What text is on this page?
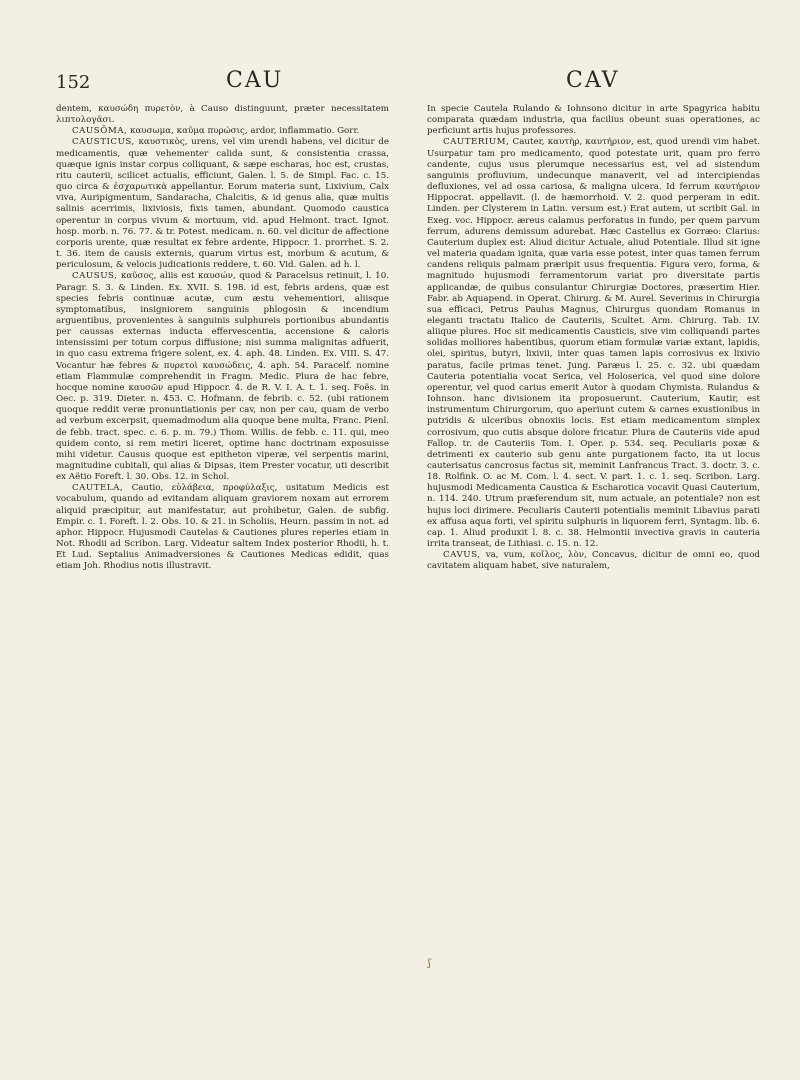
152	CAU	CAV

dentem, καυσώδη πυρετὸν, à Causo distinguunt, præter necessitatem λιπτολογᾶσι.

CAUSŌMA, καυσωμα, καῦμα πυρώσις, ardor, inflammatio. Gorr.

CAUSTICUS, καυστικὸς, urens, vel vim urendi habens, vel dicitur de medicamentis, quæ vehementer calida sunt, & consistentia crassa, quæque ignis instar corpus colliquant, & sæpe escharas, hoc est, crustas, ritu cauterii, scilicet actualis, efficiunt, Galen. l. 5. de Simpl. Fac. c. 15. quo circa & ἐσχαρωτικὰ appellantur. Eorum materia sunt, Lixivium, Calx viva, Auripigmentum, Sandaracha, Chalcitis, & id genus alia, quæ multis salinis acerrimis, lixiviosis, fixis tamen, abundant. Quomodo caustica operentur in corpus vivum & mortuum, vid. apud Helmont. tract. Ignot. hosp. morb. n. 76. 77. & tr. Potest. medicam. n. 60. vel dicitur de affectione corporis urente, quæ resultat ex febre ardente, Hippocr. 1. prorrhet. S. 2. t. 36. item de causis externis, quarum virtus est, morbum & acutum, & periculosum, & velocis judicationis reddere, t. 60. Vid. Galen. ad h. l.

CAUSUS, καῦσος, aliis est καυσών, quod & Paracelsus retinuit, l. 10. Paragr. S. 3. & Linden. Ex. XVII. S. 198. id est, febris ardens, quæ est species febris continuæ acutæ, cum æstu vehementiori, aliisque symptomatibus, insigniorem sanguinis phlogosin & incendium arguentibus, provenientes à sanguinis sulphureis portionibus abundantis per caussas externas inducta effervescentia, accensione & caloris intensissimi per totum corpus diffusione; nisi summa malignitas adfuerit, in quo casu extrema frigere solent, ex. 4. aph. 48. Linden. Ex. VIII. S. 47. Vocantur hæ febres & πυρετοὶ καυσώδεις, 4. aph. 54. Paracelf. nomine etiam Flammulæ comprehendit in Fragm. Medic. Plura de hac febre, hocque nomine καυσῶν apud Hippocr. 4. de R. V. I. A. t. 1. seq. Foës. in Oec. p. 319. Dieter. n. 453. C. Hofmann. de febrib. c. 52. (ubi rationem quoque reddit veræ pronuntiationis per cav, non per cau, quam de verbo ad verbum excerpsit, quemadmodum alia quoque bene multa, Franc. Pienl. de febb. tract. spec. c. 6. p. m. 79.) Thom. Willis. de febb. c. 11. qui, meo quidem conto, si rem metiri liceret, optime hanc doctrinam exposuisse mihi videtur. Causus quoque est epitheton viperæ, vel serpentis marini, magnitudine cubitali, qui alias & Dipsas, item Prester vocatur, uti describit ex Aëtio Foreft. l. 30. Obs. 12. in Schol.

CAUTELA, Cautio, εὐλάβεια, προφύλαξις, usitatum Medicis est vocabulum, quando ad evitandam aliquam graviorem noxam aut errorem aliquid præcipitur, aut manifestatur, aut prohibetur, Galen. de subfig. Empir. c. 1. Foreft. l. 2. Obs. 10. & 21. in Scholiis, Heurn. passim in not. ad aphor. Hippocr. Hujusmodi Cautelas & Cautiones plures reperies etiam in Not. Rhodii ad Scribon. Larg. Videatur saltem Index posterior Rhodii, h. t. Et Lud. Septalius Animadversiones & Cautiones Medicas edidit, quas etiam Joh. Rhodius notis illustravit.

In specie Cautela Rulando & Iohnsono dicitur in arte Spagyrica habitu comparata quædam industria, qua facilius obeunt suas operationes, ac perficiunt artis hujus professores.

CAUTERIUM, Cauter, καυτὴρ, καυτήριον, est, quod urendi vim habet. Usurpatur tam pro medicamento, quod potestate urit, quam pro ferro candente, cujus usus plerumque necessarius est, vel ad sistendum sanguinis profluvium, undecunque manaverit, vel ad intercipiendas defluxiones, vel ad ossa cariosa, & maligna ulcera. Id ferrum καυτήριον Hippocrat. appellavit. (l. de hæmorrhoid. V. 2. quod perperam in edit. Linden. per Clysterem in Latin. versum est.) Erat autem, ut scribit Gal. in Exeg. voc. Hippocr. æreus calamus perforatus in fundo, per quem parvum ferrum, adurens demissum adurebat. Hæc Castellus ex Gorræo: Clarius: Cauterium duplex est: Aliud dicitur Actuale, aliud Potentiale. Illud sit igne vel materia quadam ignita, quæ varia esse potest, inter quas tamen ferrum candens reliquis palmam præripit usus frequentia. Figura vero, forma, & magnitudo hujusmodi ferramentorum variat pro diversitate partis applicandæ, de quibus consulantur Chirurgiæ Doctores, præsertim Hier. Fabr. ab Aquapend. in Operat. Chirurg. & M. Aurel. Severinus in Chirurgia sua efficaci, Petrus Paulus Magnus, Chirurgus quondam Romanus in eleganti tractatu Italico de Cauteriis, Scultet. Arm. Chirurg. Tab. LV. aliique plures. Hoc sit medicamentis Causticis, sive vim colliquandi partes solidas molliores habentibus, quorum etiam formulæ variæ extant, lapidis, olei, spiritus, butyri, lixivii, inter quas tamen lapis corrosivus ex lixivio paratus, facile primas tenet. Jung. Paræus l. 25. c. 32. ubi quædam Cauteria potentialia vocat Serica, vel Holoserica, vel quod sine dolore operentur, vel quod carius emerit Autor à quodam Chymista. Rulandus & Iohnson. hanc divisionem ita proposuerunt. Cauterium, Kautir, est instrumentum Chirurgorum, quo aperiunt cutem & carnes exustionibus in putridis & ulceribus obnoxiis locis. Est etiam medicamentum simplex corrosivum, quo cutis absque dolore fricatur. Plura de Cauteriis vide apud Fallop. tr. de Cauteriis Tom. I. Oper. p. 534. seq. Peculiaris poxæ & detrimenti ex cauterio sub genu ante purgationem facto, ita ut locus cauterisatus cancrosus factus sit, meminit Lanfrancus Tract. 3. doctr. 3. c. 18. Rolfink. O. ac M. Com. l. 4. sect. V. part. 1. c. 1. seq. Scribon. Larg. hujusmodi Medicamenta Caustica & Escharotica vocavit Quasi Cauterium, n. 114. 240. Utrum præferendum sit, num actuale, an potentiale? non est hujus loci dirimere. Peculiaris Cauterii potentialis meminit Libavius parati ex affusa aqua forti, vel spiritu sulphuris in liquorem ferri, Syntagm. lib. 6. cap. 1. Aliud produxit l. 8. c. 38. Helmontii invectiva gravis in cauteria irrita transeat, de Lithiasi. c. 15. n. 12.

CAVUS, va, vum, κοῖλος, λὸν, Concavus, dicitur de omni eo, quod cavitatem aliquam habet, sive naturalem,

ʃ
